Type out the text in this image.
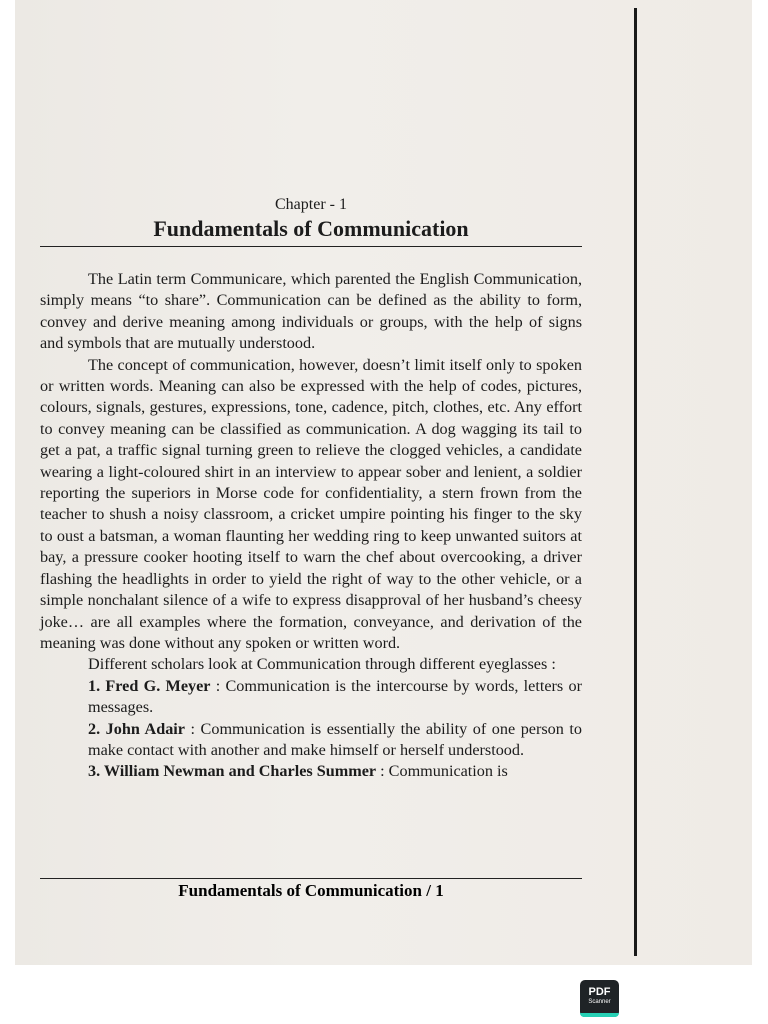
Chapter - 1
Fundamentals of Communication

The Latin term Communicare, which parented the English Communication, simply means “to share”. Communication can be defined as the ability to form, convey and derive meaning among individuals or groups, with the help of signs and symbols that are mutually understood.

The concept of communication, however, doesn’t limit itself only to spoken or written words. Meaning can also be expressed with the help of codes, pictures, colours, signals, gestures, expressions, tone, cadence, pitch, clothes, etc. Any effort to convey meaning can be classified as communication. A dog wagging its tail to get a pat, a traffic signal turning green to relieve the clogged vehicles, a candidate wearing a light-coloured shirt in an interview to appear sober and lenient, a soldier reporting the superiors in Morse code for confidentiality, a stern frown from the teacher to shush a noisy classroom, a cricket umpire pointing his finger to the sky to oust a batsman, a woman flaunting her wedding ring to keep unwanted suitors at bay, a pressure cooker hooting itself to warn the chef about overcooking, a driver flashing the headlights in order to yield the right of way to the other vehicle, or a simple nonchalant silence of a wife to express disapproval of her husband’s cheesy joke… are all examples where the formation, conveyance, and derivation of the meaning was done without any spoken or written word.

Different scholars look at Communication through different eyeglasses :

1. Fred G. Meyer : Communication is the intercourse by words, letters or messages.

2. John Adair : Communication is essentially the ability of one person to make contact with another and make himself or herself understood.

3. William Newman and Charles Summer : Communication is

Fundamentals of Communication / 1
PDF
Scanner
